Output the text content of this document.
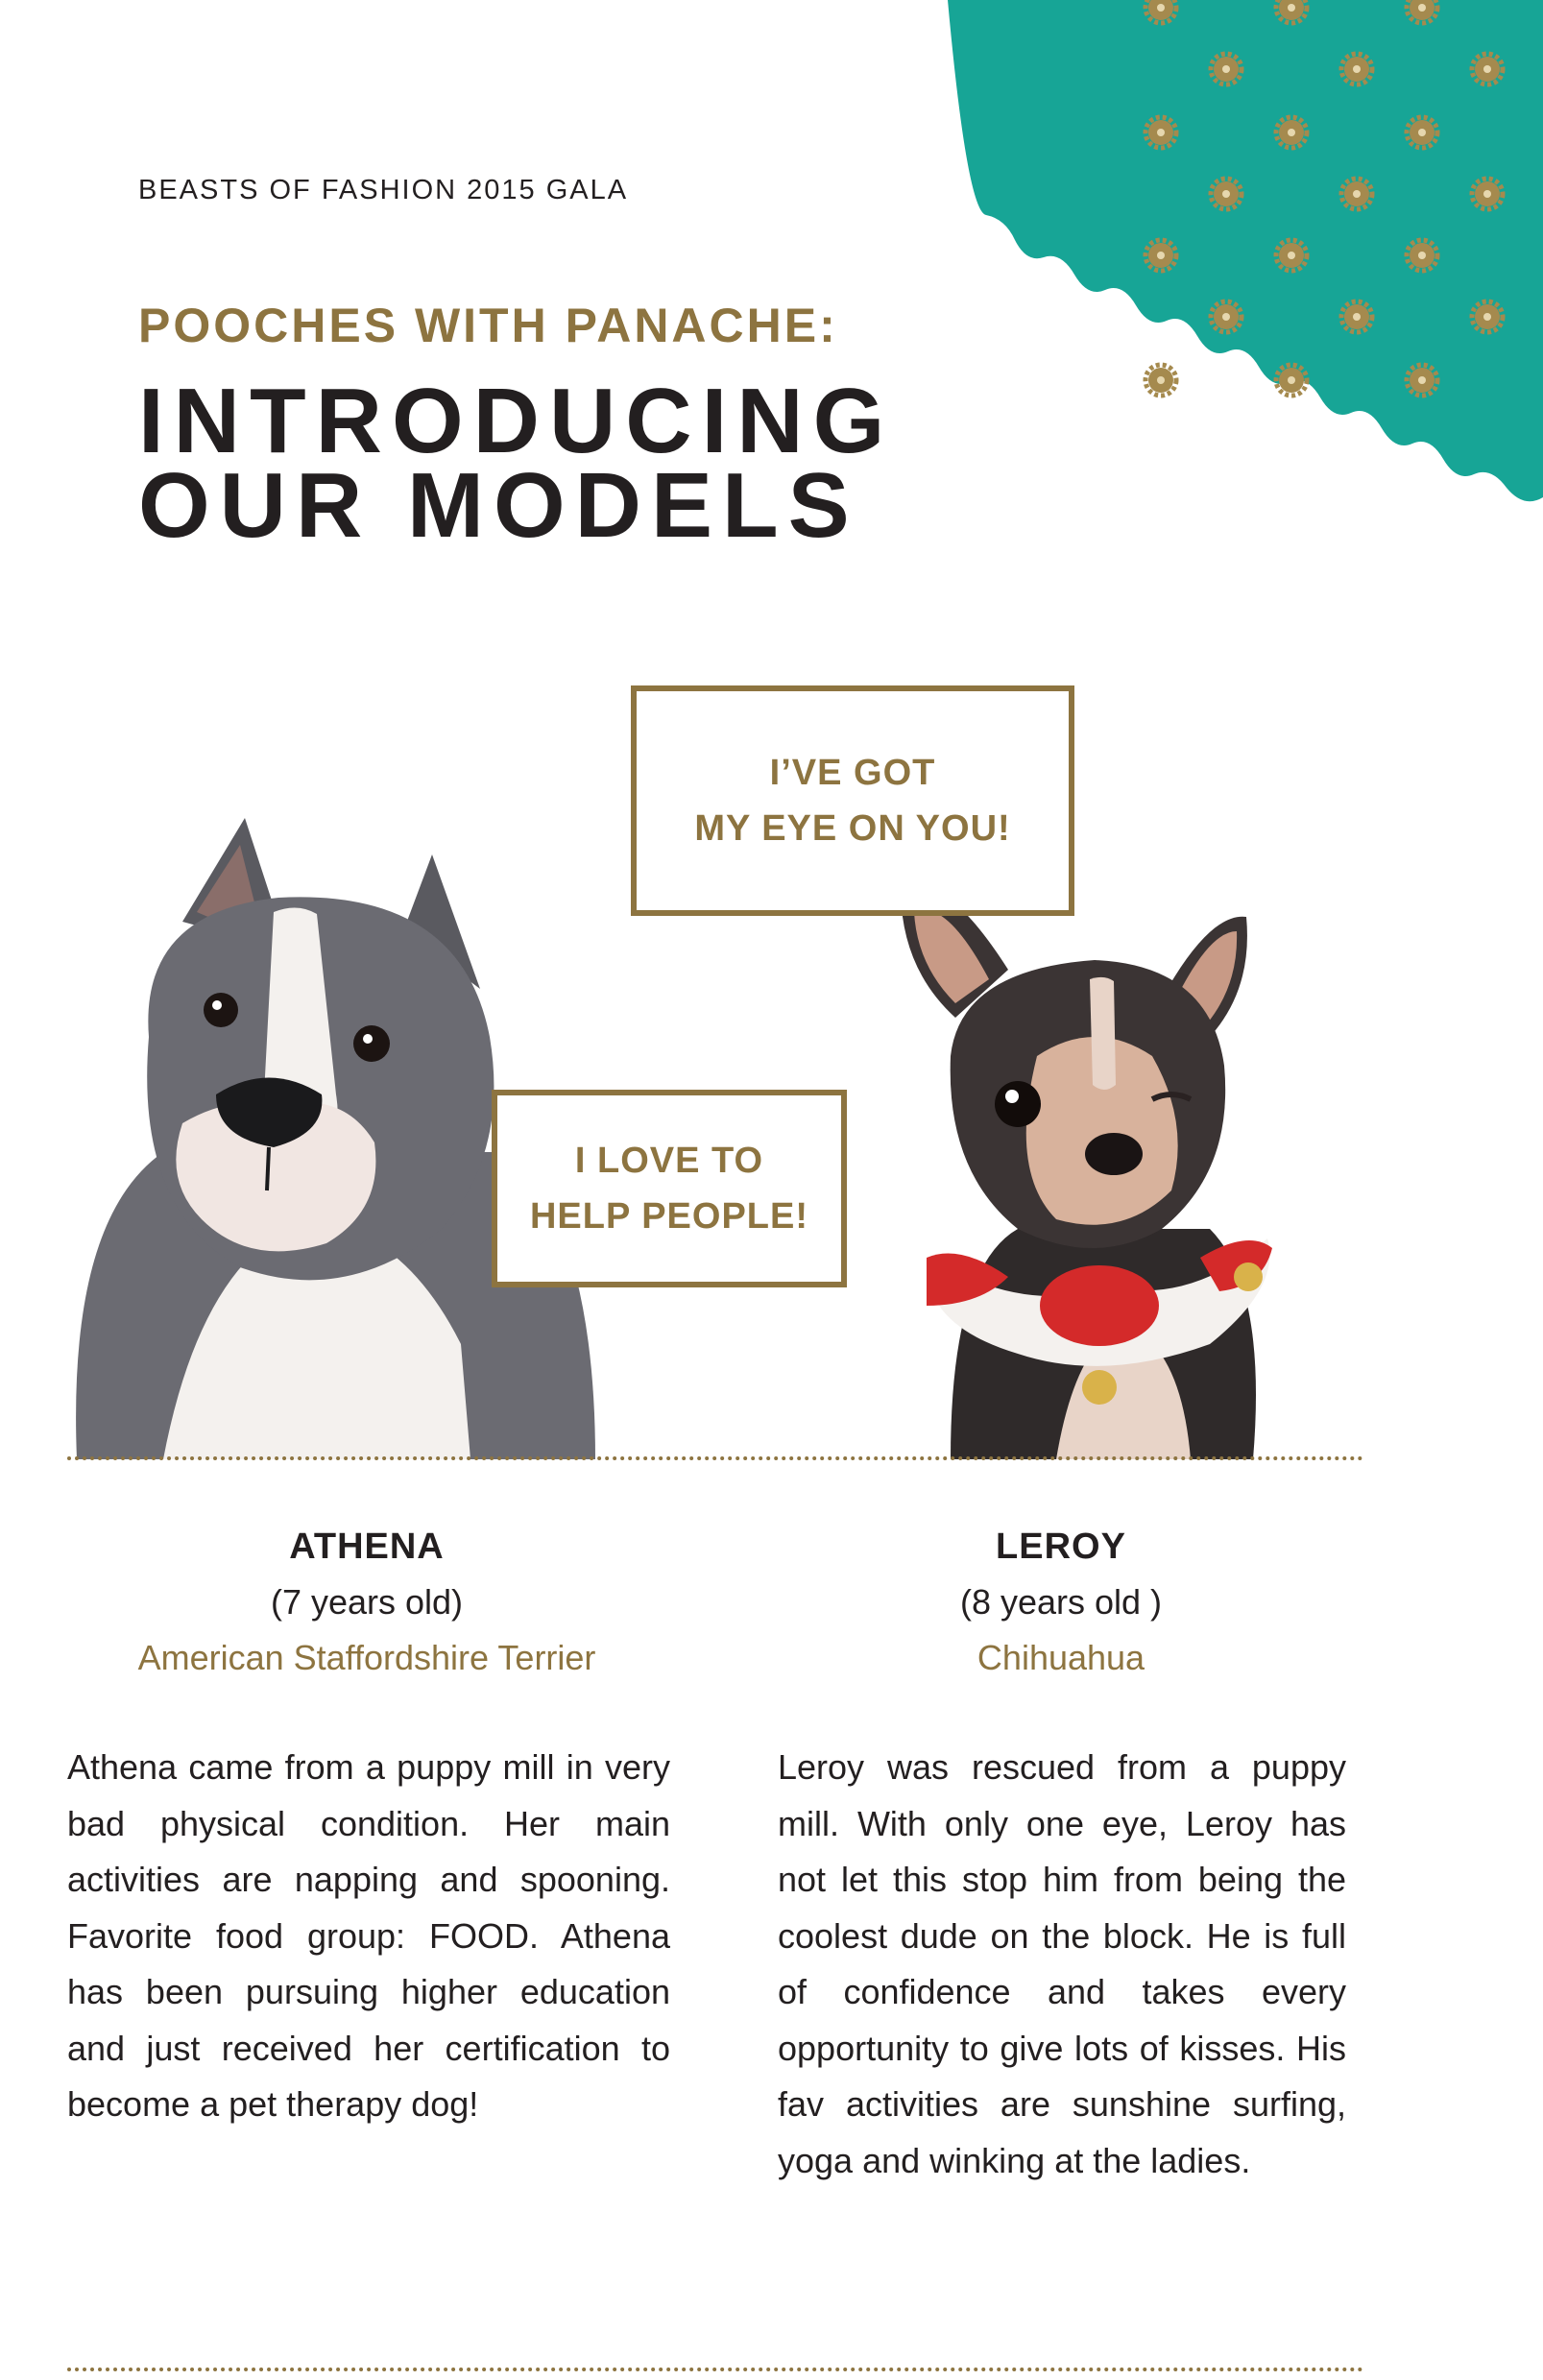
BEASTS OF FASHION 2015 GALA
POOCHES WITH PANACHE:
INTRODUCING
OUR MODELS
I’VE GOT
MY EYE ON YOU!
I LOVE TO
HELP PEOPLE!
ATHENA
(7 years old)
American Staffordshire Terrier
LEROY
(8 years old )
Chihuahua
Athena came from a puppy mill in very bad physical condition. Her main activities are napping and spooning. Favorite food group: FOOD. Athena has been pursuing higher education and just received her certification to become a pet therapy dog!
Leroy was rescued from a puppy mill. With only one eye, Leroy has not let this stop him from being the coolest dude on the block. He is full of confidence and takes every opportunity to give lots of kisses. His fav activities are sunshine surfing, yoga and winking at the ladies.
